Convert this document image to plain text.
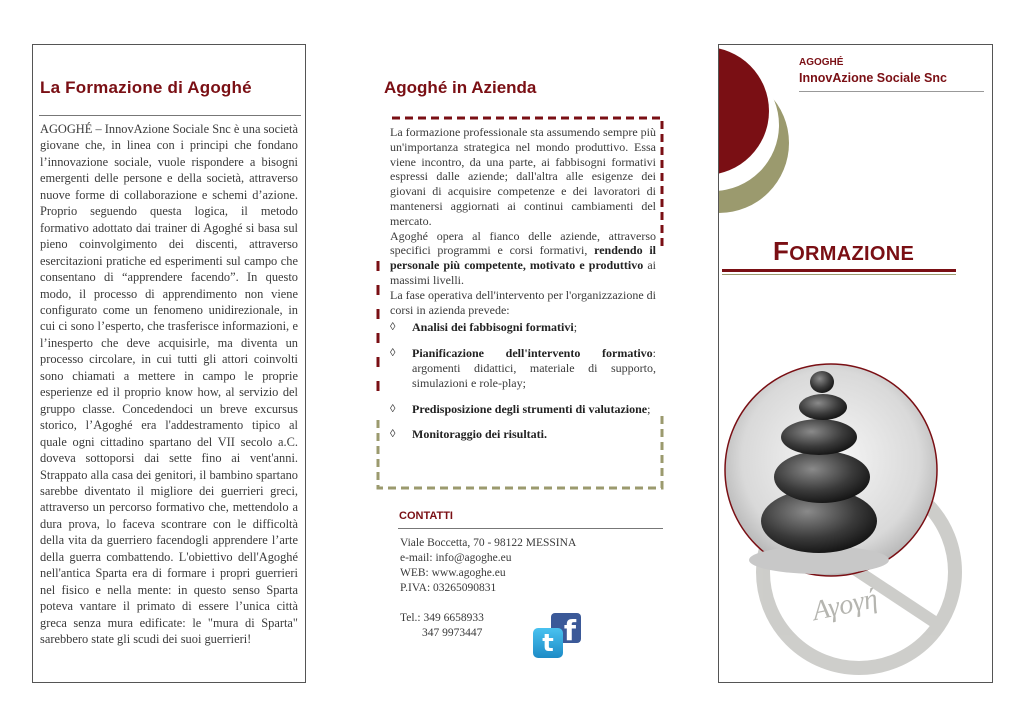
La Formazione di Agoghé

AGOGHÉ – InnovAzione Sociale Snc è una società giovane che, in linea con i principi che fondano l’innovazione sociale, vuole rispondere a bisogni emergenti delle persone e della società, attraverso nuove forme di collaborazione e schemi d’azione. Proprio seguendo questa logica, il metodo formativo adottato dai trainer di Agoghé si basa sul pieno coinvolgimento dei discenti, attraverso esercitazioni pratiche ed esperimenti sul campo che consentano di “apprendere facendo”. In questo modo, il processo di apprendimento non viene configurato come un fenomeno unidirezionale, in cui ci sono l’esperto, che trasferisce informazioni, e l’inesperto che deve acquisirle, ma diventa un processo circolare, in cui tutti gli attori coinvolti sono chiamati a mettere in campo le proprie esperienze ed il proprio know how, al servizio del gruppo classe. Concedendoci un breve excursus storico, l’Agoghé era l'addestramento tipico al quale ogni cittadino spartano del VII secolo a.C. doveva sottoporsi dai sette fino ai vent'anni. Strappato alla casa dei genitori, il bambino spartano sarebbe diventato il migliore dei guerrieri greci, attraverso un percorso formativo che, mettendolo a dura prova, lo faceva scontrare con le difficoltà della vita da guerriero facendogli apprendere l’arte della guerra combattendo. L'obiettivo dell'Agoghé nell'antica Sparta era di formare i propri guerrieri nel fisico e nella mente: in questo senso Sparta poteva vantare il primato di essere l’unica città greca senza mura edificate: le "mura di Sparta" sarebbero state gli scudi dei suoi guerrieri!

Agoghé in Azienda

La formazione professionale sta assumendo sempre più un'importanza strategica nel mondo produttivo. Essa viene incontro, da una parte, ai fabbisogni formativi espressi dalle aziende; dall'altra alle esigenze dei giovani di acquisire competenze e dei lavoratori di mantenersi aggiornati ai continui cambiamenti del mercato.

Agoghé opera al fianco delle aziende, attraverso specifici programmi e corsi formativi, rendendo il personale più competente, motivato e produttivo ai massimi livelli.

La fase operativa dell'intervento per l'organizzazione di corsi in azienda prevede:

◊ Analisi dei fabbisogni formativi;
◊ Pianificazione dell'intervento formativo: argomenti didattici, materiale di supporto, simulazioni e role-play;
◊ Predisposizione degli strumenti di valutazione;
◊ Monitoraggio dei risultati.
CONTATTI
Viale Boccetta, 70 - 98122 MESSINA
e-mail: info@agoghe.eu
WEB: www.agoghe.eu
P.IVA: 03265090831
Tel.: 349 6658933
347 9973447	f
t
Sociale
Αγογή
AGOGHÉ
InnovAzione Sociale Snc
FORMAZIONE
